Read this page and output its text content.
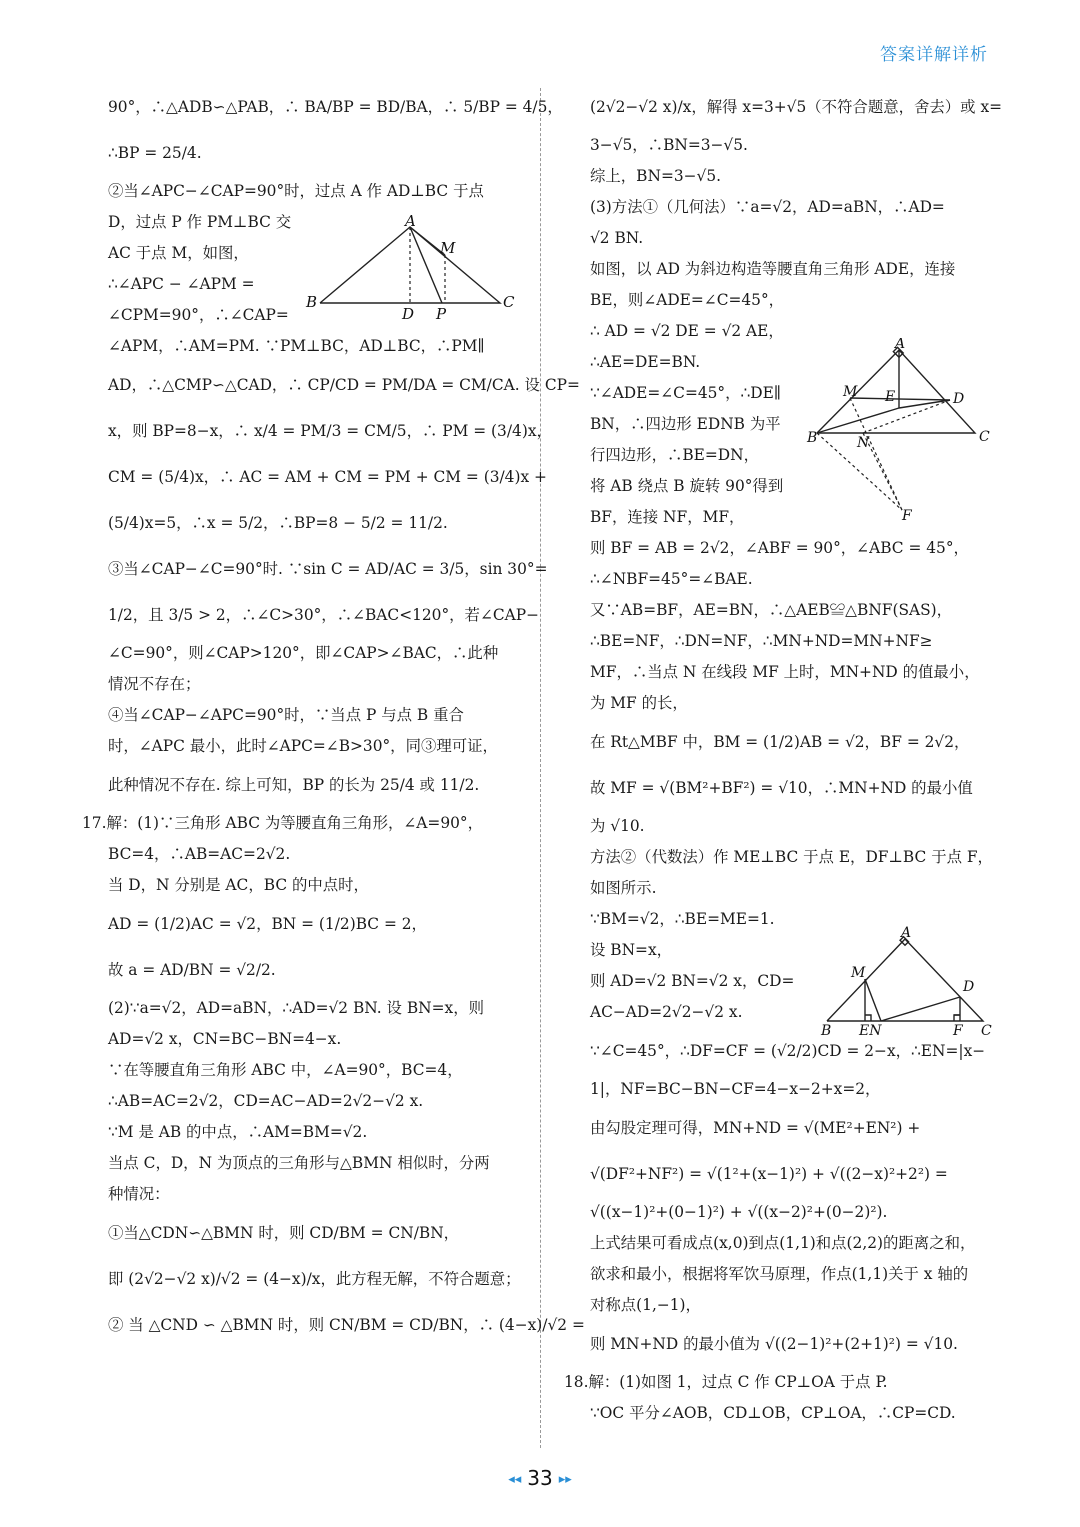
答案详解详析
90°，∴△ADB∽△PAB，∴ BA/BP = BD/BA，∴ 5/BP = 4/5，
∴BP = 25/4.
②当∠APC−∠CAP=90°时，过点 A 作 AD⊥BC 于点
D，过点 P 作 PM⊥BC 交
AC 于点 M，如图，
∴∠APC − ∠APM =
∠CPM=90°，∴∠CAP=
∠APM，∴AM=PM. ∵PM⊥BC，AD⊥BC，∴PM∥
AD，∴△CMP∽△CAD，∴ CP/CD = PM/DA = CM/CA. 设 CP=
x，则 BP=8−x，∴ x/4 = PM/3 = CM/5，∴ PM = (3/4)x，
CM = (5/4)x，∴ AC = AM + CM = PM + CM = (3/4)x +
(5/4)x=5，∴x = 5/2，∴BP=8 − 5/2 = 11/2.
③当∠CAP−∠C=90°时. ∵sin C = AD/AC = 3/5，sin 30°=
1/2，且 3/5 > 2，∴∠C>30°，∴∠BAC<120°，若∠CAP−
∠C=90°，则∠CAP>120°，即∠CAP>∠BAC，∴此种
情况不存在；
④当∠CAP−∠APC=90°时，∵当点 P 与点 B 重合
时，∠APC 最小，此时∠APC=∠B>30°，同③理可证，
此种情况不存在. 综上可知，BP 的长为 25/4 或 11/2.
17.解：(1)∵三角形 ABC 为等腰直角三角形，∠A=90°，
BC=4，∴AB=AC=2√2.
当 D，N 分别是 AC，BC 的中点时，
AD = (1/2)AC = √2，BN = (1/2)BC = 2，
故 a = AD/BN = √2/2.
(2)∵a=√2，AD=aBN，∴AD=√2 BN. 设 BN=x，则
AD=√2 x，CN=BC−BN=4−x.
∵在等腰直角三角形 ABC 中，∠A=90°，BC=4，
∴AB=AC=2√2，CD=AC−AD=2√2−√2 x.
∵M 是 AB 的中点，∴AM=BM=√2.
当点 C，D，N 为顶点的三角形与△BMN 相似时，分两
种情况：
①当△CDN∽△BMN 时，则 CD/BM = CN/BN，
即 (2√2−√2 x)/√2 = (4−x)/x，此方程无解，不符合题意；
② 当 △CND ∽ △BMN 时，则 CN/BM = CD/BN，∴ (4−x)/√2 =
A
M
B
D P
C
(2√2−√2 x)/x，解得 x=3+√5（不符合题意，舍去）或 x=
3−√5，∴BN=3−√5.
综上，BN=3−√5.
(3)方法①（几何法）∵a=√2，AD=aBN，∴AD=
√2 BN.
如图，以 AD 为斜边构造等腰直角三角形 ADE，连接
BE，则∠ADE=∠C=45°，
∴ AD = √2 DE = √2 AE，
∴AE=DE=BN.
∵∠ADE=∠C=45°，∴DE∥
BN，∴四边形 EDNB 为平
行四边形，∴BE=DN，
将 AB 绕点 B 旋转 90°得到
BF，连接 NF，MF，
则 BF = AB = 2√2，∠ABF = 90°，∠ABC = 45°，
∴∠NBF=45°=∠BAE.
又∵AB=BF，AE=BN，∴△AEB≌△BNF(SAS)，
∴BE=NF，∴DN=NF，∴MN+ND=MN+NF≥
MF，∴当点 N 在线段 MF 上时，MN+ND 的值最小，
为 MF 的长，
在 Rt△MBF 中，BM = (1/2)AB = √2，BF = 2√2，
故 MF = √(BM²+BF²) = √10，∴MN+ND 的最小值
为 √10.
方法②（代数法）作 ME⊥BC 于点 E，DF⊥BC 于点 F，
如图所示.
∵BM=√2，∴BE=ME=1.
设 BN=x，
则 AD=√2 BN=√2 x，CD=
AC−AD=2√2−√2 x.
∵∠C=45°，∴DF=CF = (√2/2)CD = 2−x，∴EN=|x−
1|，NF=BC−BN−CF=4−x−2+x=2，
由勾股定理可得，MN+ND = √(ME²+EN²) +
√(DF²+NF²) = √(1²+(x−1)²) + √((2−x)²+2²) =
√((x−1)²+(0−1)²) + √((x−2)²+(0−2)²).
上式结果可看成点(x,0)到点(1,1)和点(2,2)的距离之和，
欲求和最小，根据将军饮马原理，作点(1,1)关于 x 轴的
对称点(1,−1)，
则 MN+ND 的最小值为 √((2−1)²+(2+1)²) = √10.
18.解：(1)如图 1，过点 C 作 CP⊥OA 于点 P.
∵OC 平分∠AOB，CD⊥OB，CP⊥OA，∴CP=CD.
A
M E	D
B	N	C
F
A
M
D
B EN	F C
◂◂ 33 ▸▸
